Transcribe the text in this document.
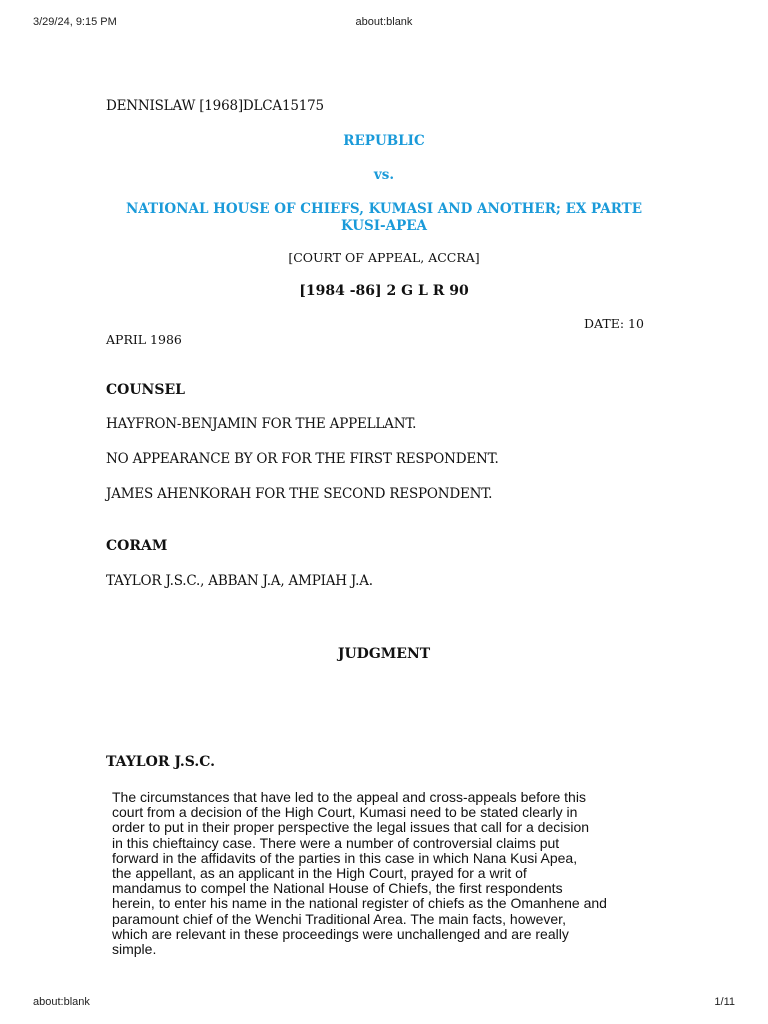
3/29/24, 9:15 PM	about:blank
about:blank	1/11
DENNISLAW [1968]DLCA15175
REPUBLIC
vs.
NATIONAL HOUSE OF CHIEFS, KUMASI AND ANOTHER; EX PARTE
KUSI-APEA
[COURT OF APPEAL, ACCRA]
[1984 -86] 2 G L R 90
DATE: 10
APRIL 1986
COUNSEL
HAYFRON-BENJAMIN FOR THE APPELLANT.
NO APPEARANCE BY OR FOR THE FIRST RESPONDENT.
JAMES AHENKORAH FOR THE SECOND RESPONDENT.
CORAM
TAYLOR J.S.C., ABBAN J.A, AMPIAH J.A.
JUDGMENT
TAYLOR J.S.C.
The circumstances that have led to the appeal and cross-appeals before this
court from a decision of the High Court, Kumasi need to be stated clearly in
order to put in their proper perspective the legal issues that call for a decision
in this chieftaincy case. There were a number of controversial claims put
forward in the affidavits of the parties in this case in which Nana Kusi Apea,
the appellant, as an applicant in the High Court, prayed for a writ of
mandamus to compel the National House of Chiefs, the first respondents
herein, to enter his name in the national register of chiefs as the Omanhene and
paramount chief of the Wenchi Traditional Area. The main facts, however,
which are relevant in these proceedings were unchallenged and are really
simple.
